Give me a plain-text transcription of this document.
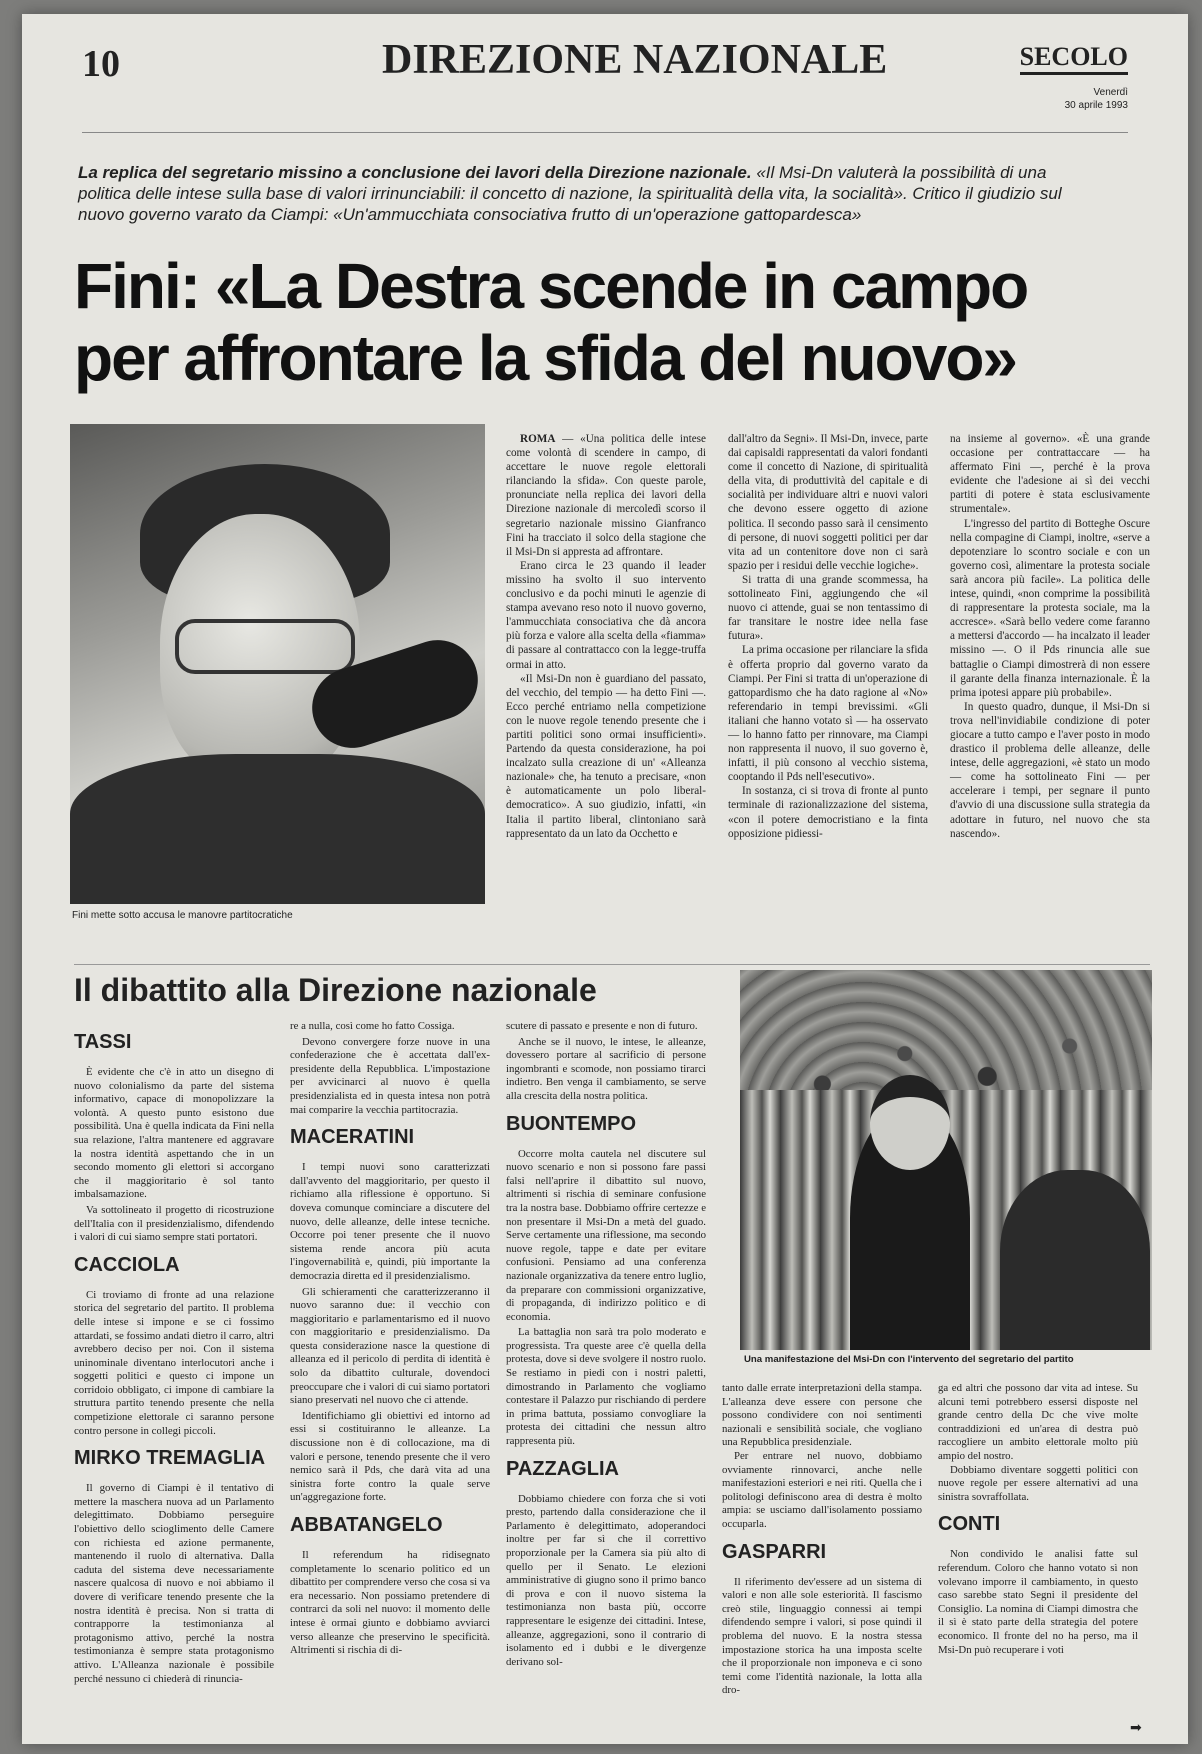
10	DIREZIONE NAZIONALE	SECOLO
Venerdì
30 aprile 1993
La replica del segretario missino a conclusione dei lavori della Direzione nazionale. «Il Msi-Dn valuterà la possibilità di una politica delle intese sulla base di valori irrinunciabili: il concetto di nazione, la spiritualità della vita, la socialità». Critico il giudizio sul nuovo governo varato da Ciampi: «Un'ammucchiata consociativa frutto di un'operazione gattopardesca»
Fini: «La Destra scende in campo per affrontare la sfida del nuovo»
Fini mette sotto accusa le manovre partitocratiche

ROMA — «Una politica delle intese come volontà di scendere in campo, di accettare le nuove regole elettorali rilanciando la sfida». Con queste parole, pronunciate nella replica dei lavori della Direzione nazionale di mercoledì scorso il segretario nazionale missino Gianfranco Fini ha tracciato il solco della stagione che il Msi-Dn si appresta ad affrontare.

Erano circa le 23 quando il leader missino ha svolto il suo intervento conclusivo e da pochi minuti le agenzie di stampa avevano reso noto il nuovo governo, l'ammucchiata consociativa che dà ancora più forza e valore alla scelta della «fiamma» di passare al contrattacco con la legge-truffa ormai in atto.

«Il Msi-Dn non è guardiano del passato, del vecchio, del tempio — ha detto Fini —. Ecco perché entriamo nella competizione con le nuove regole tenendo presente che i partiti politici sono ormai insufficienti». Partendo da questa considerazione, ha poi incalzato sulla creazione di un' «Alleanza nazionale» che, ha tenuto a precisare, «non è automaticamente un polo liberal-democratico». A suo giudizio, infatti, «in Italia il partito liberal, clintoniano sarà rappresentato da un lato da Occhetto e

dall'altro da Segni». Il Msi-Dn, invece, parte dai capisaldi rappresentati da valori fondanti come il concetto di Nazione, di spiritualità della vita, di produttività del capitale e di socialità per individuare altri e nuovi valori che devono essere oggetto di azione politica. Il secondo passo sarà il censimento di persone, di nuovi soggetti politici per dar vita ad un contenitore dove non ci sarà spazio per i residui delle vecchie logiche».

Si tratta di una grande scommessa, ha sottolineato Fini, aggiungendo che «il nuovo ci attende, guai se non tentassimo di far transitare le nostre idee nella fase futura».

La prima occasione per rilanciare la sfida è offerta proprio dal governo varato da Ciampi. Per Fini si tratta di un'operazione di gattopardismo che ha dato ragione al «No» referendario in tempi brevissimi. «Gli italiani che hanno votato sì — ha osservato — lo hanno fatto per rinnovare, ma Ciampi non rappresenta il nuovo, il suo governo è, infatti, il più consono al vecchio sistema, cooptando il Pds nell'esecutivo».

In sostanza, ci si trova di fronte al punto terminale di razionalizzazione del sistema, «con il potere democristiano e la finta opposizione pidiessi-

na insieme al governo». «È una grande occasione per contrattaccare — ha affermato Fini —, perché è la prova evidente che l'adesione ai sì dei vecchi partiti di potere è stata esclusivamente strumentale».

L'ingresso del partito di Botteghe Oscure nella compagine di Ciampi, inoltre, «serve a depotenziare lo scontro sociale e con un governo così, alimentare la protesta sociale sarà ancora più facile». La politica delle intese, quindi, «non comprime la possibilità di rappresentare la protesta sociale, ma la accresce». «Sarà bello vedere come faranno a mettersi d'accordo — ha incalzato il leader missino —. O il Pds rinuncia alle sue battaglie o Ciampi dimostrerà di non essere il garante della finanza internazionale. È la prima ipotesi appare più probabile».

In questo quadro, dunque, il Msi-Dn si trova nell'invidiabile condizione di poter giocare a tutto campo e l'aver posto in modo drastico il problema delle alleanze, delle intese, delle aggregazioni, «è stato un modo — come ha sottolineato Fini — per accelerare i tempi, per segnare il punto d'avvio di una discussione sulla strategia da adottare in futuro, nel nuovo che sta nascendo».

Il dibattito alla Direzione nazionale
TASSI

È evidente che c'è in atto un disegno di nuovo colonialismo da parte del sistema informativo, capace di monopolizzare la volontà. A questo punto esistono due possibilità. Una è quella indicata da Fini nella sua relazione, l'altra mantenere ed aggravare la nostra identità aspettando che in un secondo momento gli elettori si accorgano che il maggioritario è sol tanto imbalsamazione.

Va sottolineato il progetto di ricostruzione dell'Italia con il presidenzialismo, difendendo i valori di cui siamo sempre stati portatori.

CACCIOLA

Ci troviamo di fronte ad una relazione storica del segretario del partito. Il problema delle intese si impone e se ci fossimo attardati, se fossimo andati dietro il carro, altri avrebbero deciso per noi. Con il sistema uninominale diventano interlocutori anche i soggetti politici e questo ci impone un corridoio obbligato, ci impone di cambiare la struttura partito tenendo presente che nella competizione elettorale ci saranno persone contro persone in collegi piccoli.

MIRKO TREMAGLIA

Il governo di Ciampi è il tentativo di mettere la maschera nuova ad un Parlamento delegittimato. Dobbiamo perseguire l'obiettivo dello scioglimento delle Camere con richiesta ed azione permanente, mantenendo il ruolo di alternativa. Dalla caduta del sistema deve necessariamente nascere qualcosa di nuovo e noi abbiamo il dovere di verificare tenendo presente che la nostra identità è precisa. Non si tratta di contrapporre la testimonianza al protagonismo attivo, perché la nostra testimonianza è sempre stata protagonismo attivo. L'Alleanza nazionale è possibile perché nessuno ci chiederà di rinuncia-

re a nulla, così come ho fatto Cossiga.

Devono convergere forze nuove in una confederazione che è accettata dall'ex-presidente della Repubblica. L'impostazione per avvicinarci al nuovo è quella presidenzialista ed in questa intesa non potrà mai comparire la vecchia partitocrazia.

MACERATINI

I tempi nuovi sono caratterizzati dall'avvento del maggioritario, per questo il richiamo alla riflessione è opportuno. Si doveva comunque cominciare a discutere del nuovo, delle alleanze, delle intese tecniche. Occorre poi tener presente che il nuovo sistema rende ancora più acuta l'ingovernabilità e, quindi, più importante la democrazia diretta ed il presidenzialismo.

Gli schieramenti che caratterizzeranno il nuovo saranno due: il vecchio con maggioritario e parlamentarismo ed il nuovo con maggioritario e presidenzialismo. Da questa considerazione nasce la questione di alleanza ed il pericolo di perdita di identità è solo da dibattito culturale, dovendoci preoccupare che i valori di cui siamo portatori siano preservati nel nuovo che ci attende.

Identifichiamo gli obiettivi ed intorno ad essi si costituiranno le alleanze. La discussione non è di collocazione, ma di valori e persone, tenendo presente che il vero nemico sarà il Pds, che darà vita ad una sinistra forte contro la quale serve un'aggregazione forte.

ABBATANGELO

Il referendum ha ridisegnato completamente lo scenario politico ed un dibattito per comprendere verso che cosa si va era necessario. Non possiamo pretendere di contrarci da soli nel nuovo: il momento delle intese è ormai giunto e dobbiamo avviarci verso alleanze che preservino le specificità. Altrimenti si rischia di di-

scutere di passato e presente e non di futuro.

Anche se il nuovo, le intese, le alleanze, dovessero portare al sacrificio di persone ingombranti e scomode, non possiamo tirarci indietro. Ben venga il cambiamento, se serve alla crescita della nostra politica.

BUONTEMPO

Occorre molta cautela nel discutere sul nuovo scenario e non si possono fare passi falsi nell'aprire il dibattito sul nuovo, altrimenti si rischia di seminare confusione tra la nostra base. Dobbiamo offrire certezze e non presentare il Msi-Dn a metà del guado. Serve certamente una riflessione, ma secondo nuove regole, tappe e date per evitare confusioni. Pensiamo ad una conferenza nazionale organizzativa da tenere entro luglio, da preparare con commissioni organizzative, di propaganda, di indirizzo politico e di economia.

La battaglia non sarà tra polo moderato e progressista. Tra queste aree c'è quella della protesta, dove si deve svolgere il nostro ruolo. Se restiamo in piedi con i nostri paletti, dimostrando in Parlamento che vogliamo contestare il Palazzo pur rischiando di perdere in prima battuta, possiamo convogliare la protesta dei cittadini che nessun altro rappresenta più.

PAZZAGLIA

Dobbiamo chiedere con forza che si voti presto, partendo dalla considerazione che il Parlamento è delegittimato, adoperandoci inoltre per far sì che il correttivo proporzionale per la Camera sia più alto di quello per il Senato. Le elezioni amministrative di giugno sono il primo banco di prova e con il nuovo sistema la testimonianza non basta più, occorre rappresentare le esigenze dei cittadini. Intese, alleanze, aggregazioni, sono il contrario di isolamento ed i dubbi e le divergenze derivano sol-

Una manifestazione del Msi-Dn con l'intervento del segretario del partito

tanto dalle errate interpretazioni della stampa. L'alleanza deve essere con persone che possono condividere con noi sentimenti nazionali e sensibilità sociale, che vogliano una Repubblica presidenziale.

Per entrare nel nuovo, dobbiamo ovviamente rinnovarci, anche nelle manifestazioni esteriori e nei riti. Quella che i politologi definiscono area di destra è molto ampia: se usciamo dall'isolamento possiamo occuparla.

GASPARRI

Il riferimento dev'essere ad un sistema di valori e non alle sole esteriorità. Il fascismo creò stile, linguaggio connessi ai tempi difendendo sempre i valori, si pose quindi il problema del nuovo. E la nostra stessa impostazione storica ha una imposta scelte che il proporzionale non imponeva e ci sono temi come l'identità nazionale, la lotta alla dro-

ga ed altri che possono dar vita ad intese. Su alcuni temi potrebbero essersi disposte nel grande centro della Dc che vive molte contraddizioni ed un'area di destra può raccogliere un ambito elettorale molto più ampio del nostro.

Dobbiamo diventare soggetti politici con nuove regole per essere alternativi ad una sinistra sovraffollata.

CONTI

Non condivido le analisi fatte sul referendum. Coloro che hanno votato sì non volevano imporre il cambiamento, in questo caso sarebbe stato Segni il presidente del Consiglio. La nomina di Ciampi dimostra che il sì è stato parte della strategia del potere economico. Il fronte del no ha perso, ma il Msi-Dn può recuperare i voti

➡
